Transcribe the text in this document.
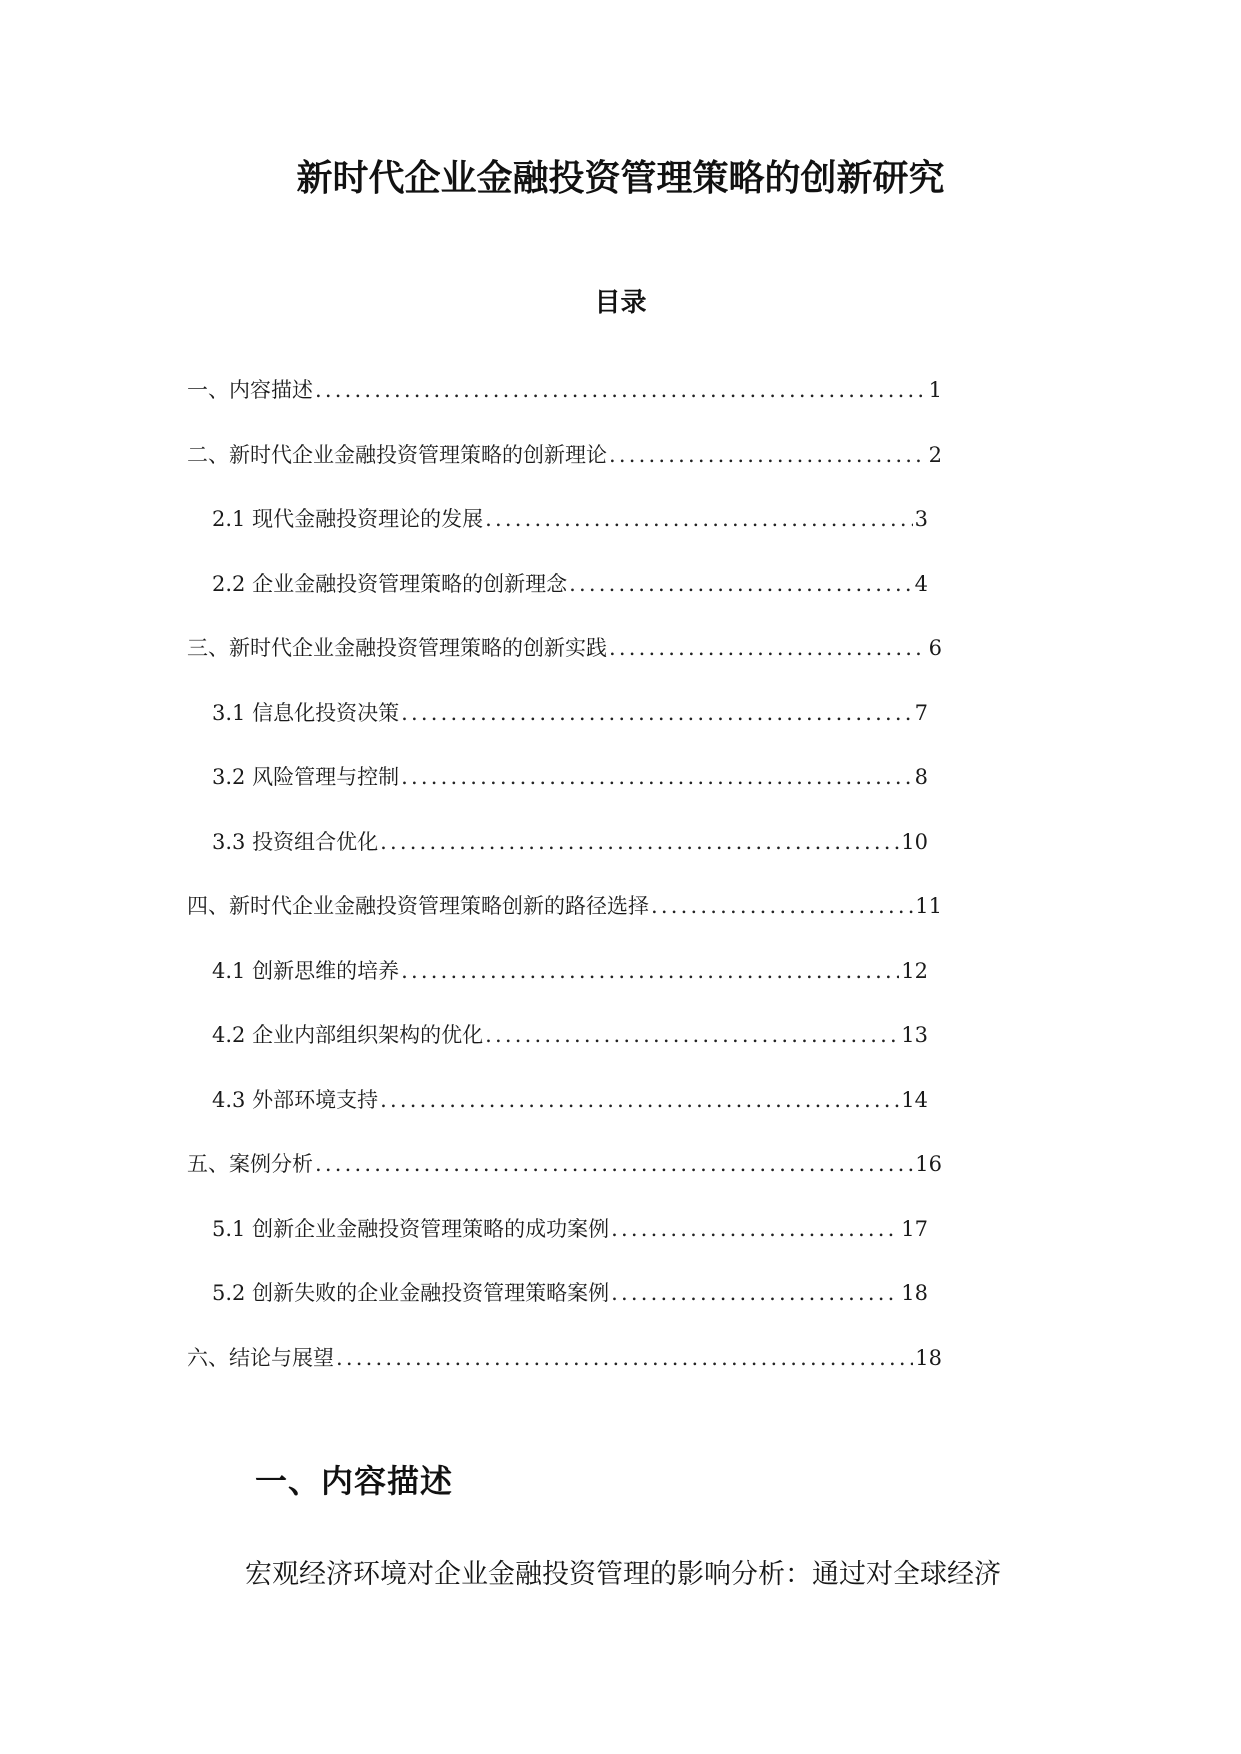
新时代企业金融投资管理策略的创新研究
目录
一、内容描述 .....	1
二、新时代企业金融投资管理策略的创新理论 .....	2
2.1 现代金融投资理论的发展 .....	3
2.2 企业金融投资管理策略的创新理念 .....	4
三、新时代企业金融投资管理策略的创新实践 .....	6
3.1 信息化投资决策 .....	7
3.2 风险管理与控制 .....	8
3.3 投资组合优化 .....	10
四、新时代企业金融投资管理策略创新的路径选择 .....	11
4.1 创新思维的培养 .....	12
4.2 企业内部组织架构的优化 .....	13
4.3 外部环境支持 .....	14
五、案例分析 .....	16
5.1 创新企业金融投资管理策略的成功案例 .....	17
5.2 创新失败的企业金融投资管理策略案例 .....	18
六、结论与展望 .....	18
一、内容描述
宏观经济环境对企业金融投资管理的影响分析：通过对全球经济
